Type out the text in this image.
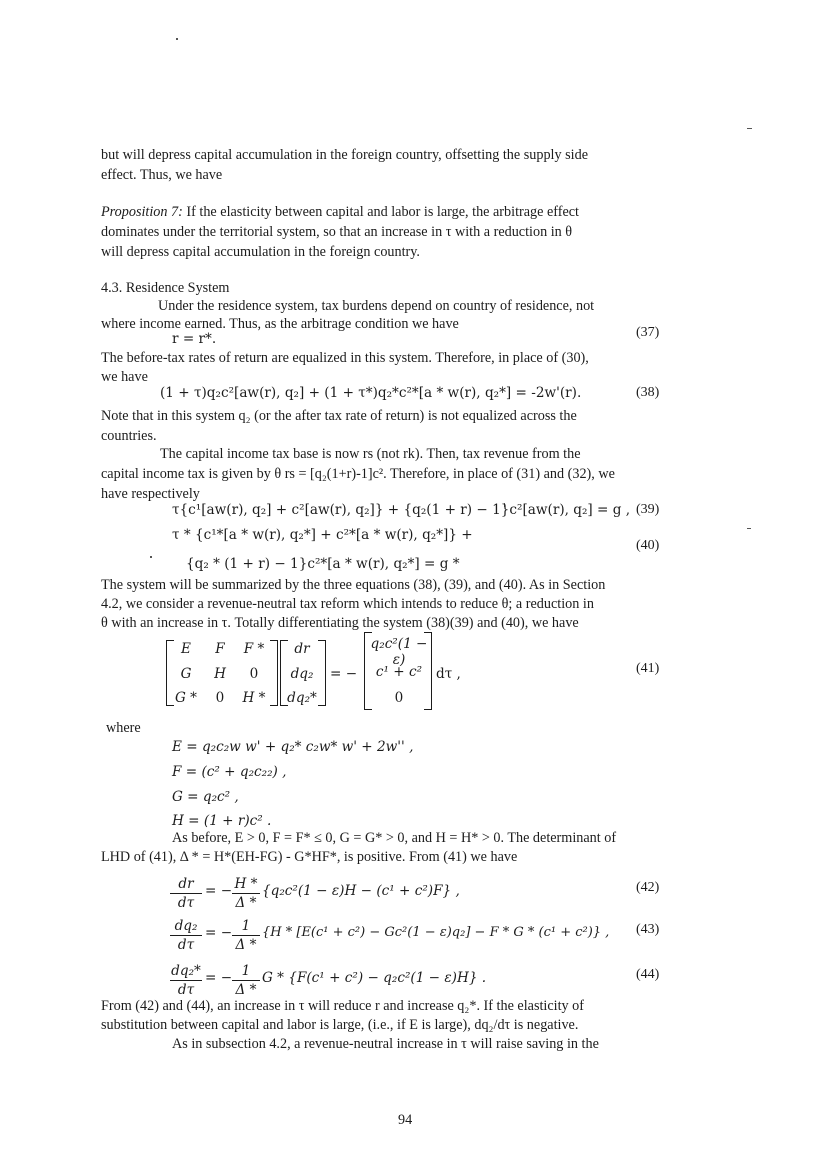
but will depress capital accumulation in the foreign country, offsetting the supply side
effect. Thus, we have
Proposition 7: If the elasticity between capital and labor is large, the arbitrage effect
dominates under the territorial system, so that an increase in τ with a reduction in θ
will depress capital accumulation in the foreign country.
4.3. Residence System
Under the residence system, tax burdens depend on country of residence, not
where income earned. Thus, as the arbitrage condition we have
r = r*.	(37)
The before-tax rates of return are equalized in this system. Therefore, in place of (30),
we have
(1 + τ)q₂c²[aw(r), q₂] + (1 + τ*)q₂*c²*[a * w(r), q₂*] = -2w'(r).	(38)
Note that in this system q₂ (or the after tax rate of return) is not equalized across the
countries.
The capital income tax base is now rs (not rk). Then, tax revenue from the
capital income tax is given by θ rs = [q₂(1+r)-1]c². Therefore, in place of (31) and (32), we
have respectively
τ{c¹[aw(r), q₂] + c²[aw(r), q₂]} + {q₂(1 + r) − 1}c²[aw(r), q₂] = g , (39)
τ * {c¹*[a * w(r), q₂*] + c²*[a * w(r), q₂*]} +
{q₂ * (1 + r) − 1}c²*[a * w(r), q₂*] = g *
(40)
The system will be summarized by the three equations (38), (39), and (40). As in Section
4.2, we consider a revenue-neutral tax reform which intends to reduce θ; a reduction in
θ with an increase in τ. Totally differentiating the system (38)(39) and (40), we have
E	F	F *
G	H	0
G *	0	H *
dr
dq₂
dq₂*
= −
q₂c²(1 − ε)
c¹ + c²
0
dτ ,	(41)
where
E = q₂c₂w w' + q₂* c₂w* w' + 2w'' ,
F = (c² + q₂c₂₂) ,
G = q₂c² ,
H = (1 + r)c² .
As before, E > 0, F = F* ≤ 0, G = G* > 0, and H = H* > 0. The determinant of
LHD of (41), Δ * = H*(EH-FG) - G*HF*, is positive. From (41) we have
$\frac{dr}{d\tau}$ = − $\frac{H *}{\Delta *} \{q_2c^2(1 - \varepsilon)H - (c^1 + c^2)F\}$ ,	(42)
$\frac{\text{dq₂}}{d\tau}$ = − $\frac{1}{\Delta *} \{H * [E(c^1 + c^2) - Gc^2(1 - \varepsilon)q_2] - F * G * (c^1 + c^2)\}$ , (43)
$\frac{\text{dq₂*}}{d\tau}$ = − $\frac{1}{\Delta *}$ G * {F(c¹ + c²) − q₂c²(1 − ε)H} .	(44)
From (42) and (44), an increase in τ will reduce r and increase q₂*. If the elasticity of
substitution between capital and labor is large, (i.e., if E is large), dq₂/dτ is negative.
As in subsection 4.2, a revenue-neutral increase in τ will raise saving in the
94
